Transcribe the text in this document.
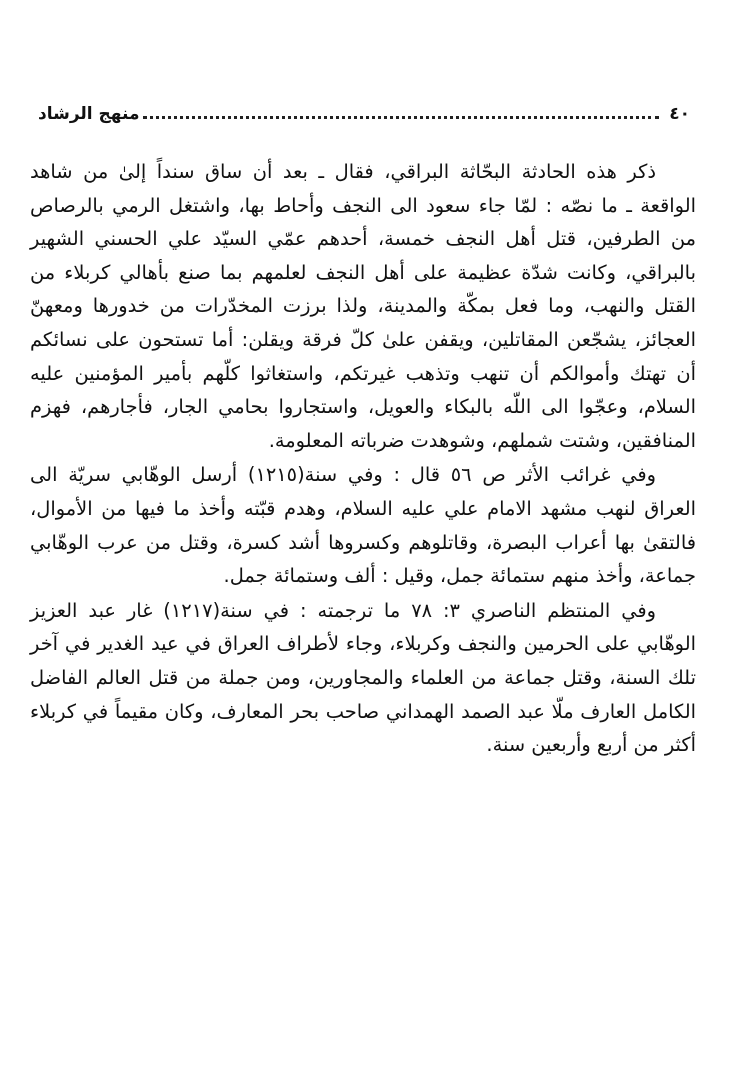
٤٠
منهج الرشاد

ذكر هذه الحادثة البحّاثة البراقي، فقال ـ بعد أن ساق سنداً إلىٰ من شاهد الواقعة ـ ما نصّه : لمّا جاء سعود الى النجف وأحاط بها، واشتغل الرمي بالرصاص من الطرفين، قتل أهل النجف خمسة، أحدهم عمّي السيّد علي الحسني الشهير بالبراقي، وكانت شدّة عظيمة على أهل النجف لعلمهم بما صنع بأهالي كربلاء من القتل والنهب، وما فعل بمكّة والمدينة، ولذا برزت المخدّرات من خدورها ومعهنّ العجائز، يشجّعن المقاتلين، ويقفن علىٰ كلّ فرقة ويقلن: أما تستحون على نسائكم أن تهتك وأموالكم أن تنهب وتذهب غيرتكم، واستغاثوا كلّهم بأمير المؤمنين عليه السلام، وعجّوا الى اللّه بالبكاء والعويل، واستجاروا بحامي الجار، فأجارهم، فهزم المنافقين، وشتت شملهم، وشوهدت ضرباته المعلومة.

وفي غرائب الأثر ص ٥٦ قال : وفي سنة(١٢١٥) أرسل الوهّابي سريّة الى العراق لنهب مشهد الامام علي عليه السلام، وهدم قبّته وأخذ ما فيها من الأموال، فالتقىٰ بها أعراب البصرة، وقاتلوهم وكسروها أشد كسرة، وقتل من عرب الوهّابي جماعة، وأخذ منهم ستمائة جمل، وقيل : ألف وستمائة جمل.

وفي المنتظم الناصري ٣: ٧٨ ما ترجمته : في سنة(١٢١٧) غار عبد العزيز الوهّابي على الحرمين والنجف وكربلاء، وجاء لأطراف العراق في عيد الغدير في آخر تلك السنة، وقتل جماعة من العلماء والمجاورين، ومن جملة من قتل العالم الفاضل الكامل العارف ملّا عبد الصمد الهمداني صاحب بحر المعارف، وكان مقيماً في كربلاء أكثر من أربع وأربعين سنة.
